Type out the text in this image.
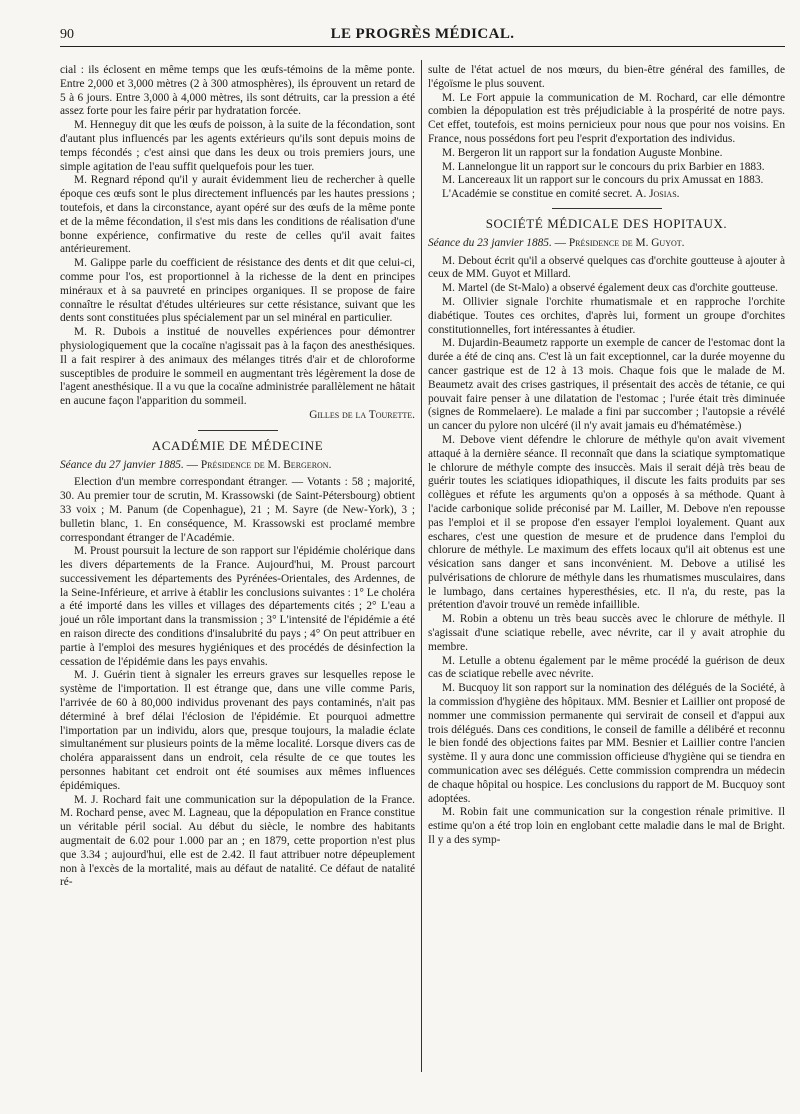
90	LE PROGRÈS MÉDICAL.

cial : ils éclosent en même temps que les œufs-témoins de la même ponte. Entre 2,000 et 3,000 mètres (2 à 300 atmosphères), ils éprouvent un retard de 5 à 6 jours. Entre 3,000 à 4,000 mètres, ils sont détruits, car la pression a été assez forte pour les faire périr par hydratation forcée.

M. Henneguy dit que les œufs de poisson, à la suite de la fécondation, sont d'autant plus influencés par les agents extérieurs qu'ils sont depuis moins de temps fécondés ; c'est ainsi que dans les deux ou trois premiers jours, une simple agitation de l'eau suffit quelquefois pour les tuer.

M. Regnard répond qu'il y aurait évidemment lieu de rechercher à quelle époque ces œufs sont le plus directement influencés par les hautes pressions ; toutefois, et dans la circonstance, ayant opéré sur des œufs de la même ponte et de la même fécondation, il s'est mis dans les conditions de réalisation d'une bonne expérience, confirmative du reste de celles qu'il avait faites antérieurement.

M. Galippe parle du coefficient de résistance des dents et dit que celui-ci, comme pour l'os, est proportionnel à la richesse de la dent en principes minéraux et à sa pauvreté en principes organiques. Il se propose de faire connaître le résultat d'études ultérieures sur cette résistance, suivant que les dents sont constituées plus spécialement par un sel minéral en particulier.

M. R. Dubois a institué de nouvelles expériences pour démontrer physiologiquement que la cocaïne n'agissait pas à la façon des anesthésiques. Il a fait respirer à des animaux des mélanges titrés d'air et de chloroforme susceptibles de produire le sommeil en augmentant très légèrement la dose de l'agent anesthésique. Il a vu que la cocaïne administrée parallèlement ne hâtait en aucune façon l'apparition du sommeil.

Gilles de la Tourette.

ACADÉMIE DE MÉDECINE

Séance du 27 janvier 1885. — Présidence de M. Bergeron.

Election d'un membre correspondant étranger. — Votants : 58 ; majorité, 30. Au premier tour de scrutin, M. Krassowski (de Saint-Pétersbourg) obtient 33 voix ; M. Panum (de Copenhague), 21 ; M. Sayre (de New-York), 3 ; bulletin blanc, 1. En conséquence, M. Krassowski est proclamé membre correspondant étranger de l'Académie.

M. Proust poursuit la lecture de son rapport sur l'épidémie cholérique dans les divers départements de la France. Aujourd'hui, M. Proust parcourt successivement les départements des Pyrénées-Orientales, des Ardennes, de la Seine-Inférieure, et arrive à établir les conclusions suivantes : 1° Le choléra a été importé dans les villes et villages des départements cités ; 2° L'eau a joué un rôle important dans la transmission ; 3° L'intensité de l'épidémie a été en raison directe des conditions d'insalubrité du pays ; 4° On peut attribuer en partie à l'emploi des mesures hygiéniques et des procédés de désinfection la cessation de l'épidémie dans les pays envahis.

M. J. Guérin tient à signaler les erreurs graves sur lesquelles repose le système de l'importation. Il est étrange que, dans une ville comme Paris, l'arrivée de 60 à 80,000 individus provenant des pays contaminés, n'ait pas déterminé à bref délai l'éclosion de l'épidémie. Et pourquoi admettre l'importation par un individu, alors que, presque toujours, la maladie éclate simultanément sur plusieurs points de la même localité. Lorsque divers cas de choléra apparaissent dans un endroit, cela résulte de ce que toutes les personnes habitant cet endroit ont été soumises aux mêmes influences épidémiques.

M. J. Rochard fait une communication sur la dépopulation de la France. M. Rochard pense, avec M. Lagneau, que la dépopulation en France constitue un véritable péril social. Au début du siècle, le nombre des habitants augmentait de 6.02 pour 1.000 par an ; en 1879, cette proportion n'est plus que 3.34 ; aujourd'hui, elle est de 2.42. Il faut attribuer notre dépeuplement non à l'excès de la mortalité, mais au défaut de natalité. Ce défaut de natalité ré-

sulte de l'état actuel de nos mœurs, du bien-être général des familles, de l'égoïsme le plus souvent.

M. Le Fort appuie la communication de M. Rochard, car elle démontre combien la dépopulation est très préjudiciable à la prospérité de notre pays. Cet effet, toutefois, est moins pernicieux pour nous que pour nos voisins. En France, nous possédons fort peu l'esprit d'exportation des individus.

M. Bergeron lit un rapport sur la fondation Auguste Monbine.

M. Lannelongue lit un rapport sur le concours du prix Barbier en 1883.

M. Lancereaux lit un rapport sur le concours du prix Amussat en 1883.

L'Académie se constitue en comité secret. A. Josias.

SOCIÉTÉ MÉDICALE DES HOPITAUX.

Séance du 23 janvier 1885. — Présidence de M. Guyot.

M. Debout écrit qu'il a observé quelques cas d'orchite goutteuse à ajouter à ceux de MM. Guyot et Millard.

M. Martel (de St-Malo) a observé également deux cas d'orchite goutteuse.

M. Ollivier signale l'orchite rhumatismale et en rapproche l'orchite diabétique. Toutes ces orchites, d'après lui, forment un groupe d'orchites constitutionnelles, fort intéressantes à étudier.

M. Dujardin-Beaumetz rapporte un exemple de cancer de l'estomac dont la durée a été de cinq ans. C'est là un fait exceptionnel, car la durée moyenne du cancer gastrique est de 12 à 13 mois. Chaque fois que le malade de M. Beaumetz avait des crises gastriques, il présentait des accès de tétanie, ce qui pouvait faire penser à une dilatation de l'estomac ; l'urée était très diminuée (signes de Rommelaere). Le malade a fini par succomber ; l'autopsie a révélé un cancer du pylore non ulcéré (il n'y avait jamais eu d'hématémèse.)

M. Debove vient défendre le chlorure de méthyle qu'on avait vivement attaqué à la dernière séance. Il reconnaît que dans la sciatique symptomatique le chlorure de méthyle compte des insuccès. Mais il serait déjà très beau de guérir toutes les sciatiques idiopathiques, il discute les faits produits par ses collègues et réfute les arguments qu'on a opposés à sa méthode. Quant à l'acide carbonique solide préconisé par M. Lailler, M. Debove n'en repousse pas l'emploi et il se propose d'en essayer l'emploi loyalement. Quant aux eschares, c'est une question de mesure et de prudence dans l'emploi du chlorure de méthyle. Le maximum des effets locaux qu'il ait obtenus est une vésication sans danger et sans inconvénient. M. Debove a utilisé les pulvérisations de chlorure de méthyle dans les rhumatismes musculaires, dans le lumbago, dans certaines hyperesthésies, etc. Il n'a, du reste, pas la prétention d'avoir trouvé un remède infaillible.

M. Robin a obtenu un très beau succès avec le chlorure de méthyle. Il s'agissait d'une sciatique rebelle, avec névrite, car il y avait atrophie du membre.

M. Letulle a obtenu également par le même procédé la guérison de deux cas de sciatique rebelle avec névrite.

M. Bucquoy lit son rapport sur la nomination des délégués de la Société, à la commission d'hygiène des hôpitaux. MM. Besnier et Laillier ont proposé de nommer une commission permanente qui servirait de conseil et d'appui aux trois délégués. Dans ces conditions, le conseil de famille a délibéré et reconnu le bien fondé des objections faites par MM. Besnier et Laillier contre l'ancien système. Il y aura donc une commission officieuse d'hygiène qui se tiendra en communication avec ses délégués. Cette commission comprendra un médecin de chaque hôpital ou hospice. Les conclusions du rapport de M. Bucquoy sont adoptées.

M. Robin fait une communication sur la congestion rénale primitive. Il estime qu'on a été trop loin en englobant cette maladie dans le mal de Bright. Il y a des symp-
